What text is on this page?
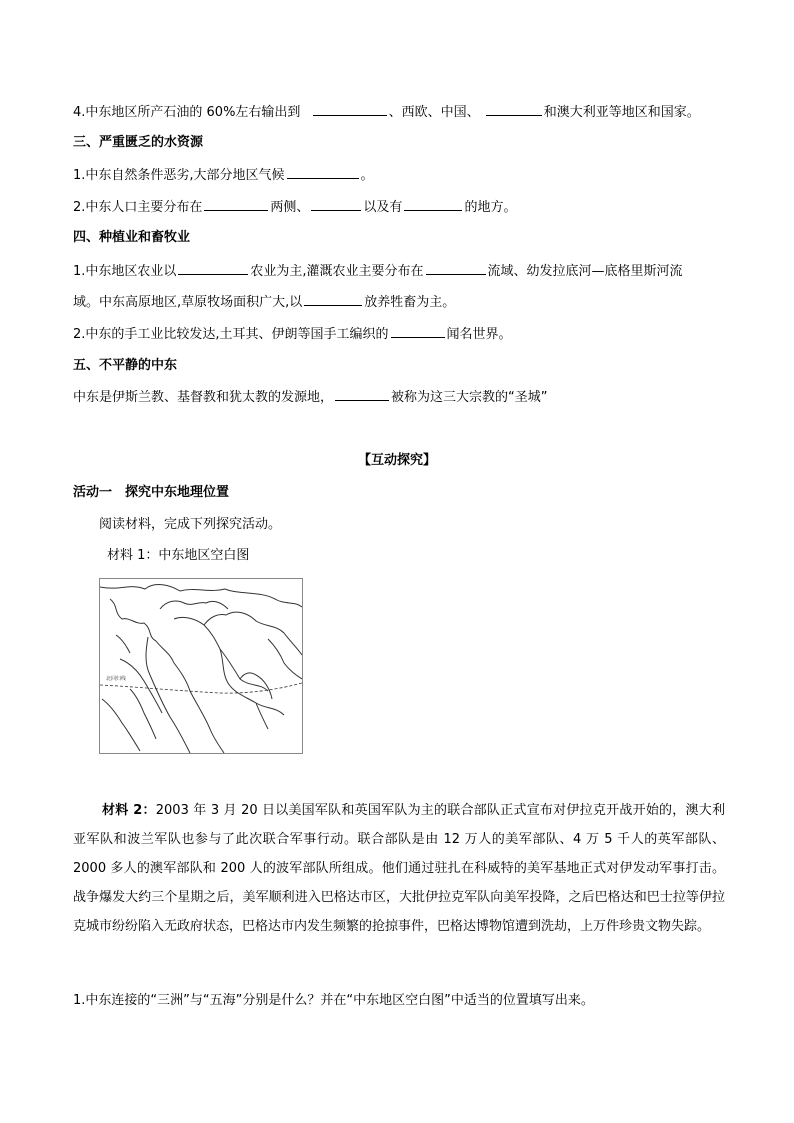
4.中东地区所产石油的 60%左右输出到	、西欧、中国、	和澳大利亚等地区和国家。
三、严重匮乏的水资源
1.中东自然条件恶劣,大部分地区气候	。
2.中东人口主要分布在	两侧、	以及有	的地方。
四、种植业和畜牧业
1.中东地区农业以	农业为主,灌溉农业主要分布在	流域、幼发拉底河—底格里斯河流
域。中东高原地区,草原牧场面积广大,以	放养牲畜为主。
2.中东的手工业比较发达,土耳其、伊朗等国手工编织的	闻名世界。
五、不平静的中东
中东是伊斯兰教、基督教和犹太教的发源地，	被称为这三大宗教的“圣城”
【互动探究】
活动一　探究中东地理位置
阅读材料，完成下列探究活动。
材料 1：中东地区空白图
北回归线
材料 2：2003 年 3 月 20 日以美国军队和英国军队为主的联合部队正式宣布对伊拉克开战开始的，澳大利亚军队和波兰军队也参与了此次联合军事行动。联合部队是由 12 万人的美军部队、4 万 5 千人的英军部队、2000 多人的澳军部队和 200 人的波军部队所组成。他们通过驻扎在科威特的美军基地正式对伊发动军事打击。战争爆发大约三个星期之后，美军顺利进入巴格达市区，大批伊拉克军队向美军投降，之后巴格达和巴士拉等伊拉克城市纷纷陷入无政府状态，巴格达市内发生频繁的抢掠事件，巴格达博物馆遭到洗劫，上万件珍贵文物失踪。
1.中东连接的“三洲”与“五海”分别是什么？并在“中东地区空白图”中适当的位置填写出来。
